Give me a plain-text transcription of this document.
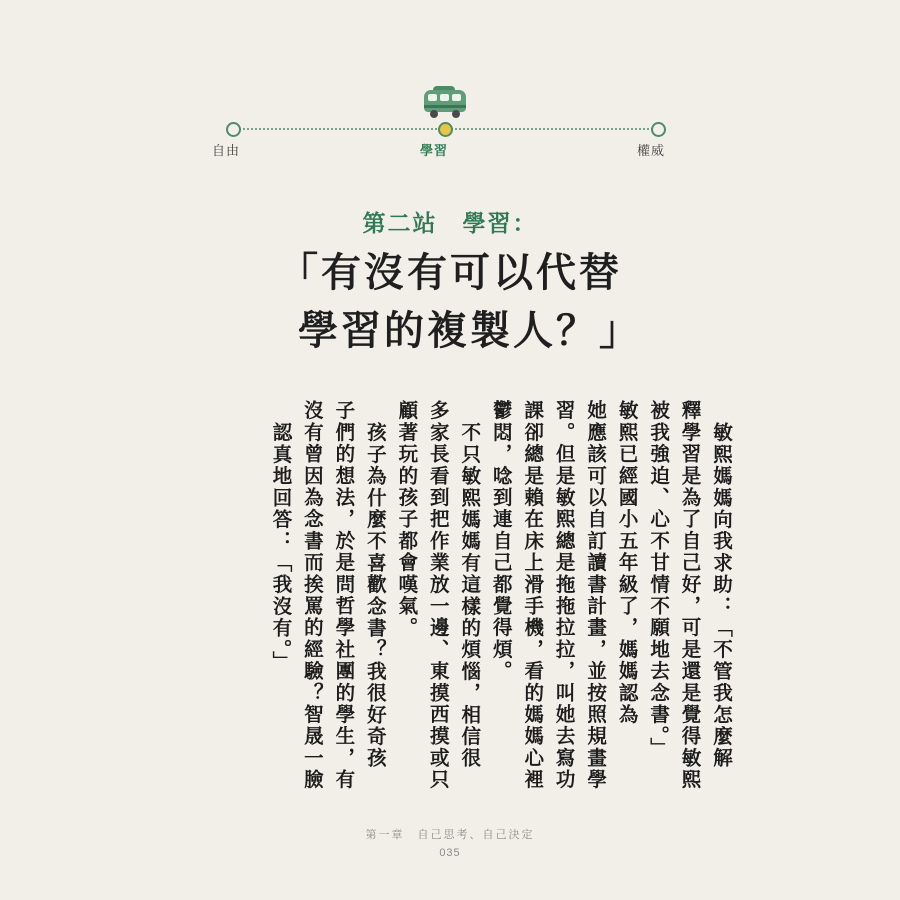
自由	學習	權威
第二站　學習：
「有沒有可以代替
學習的複製人？」
敏熙媽媽向我求助：「不管我怎麼解
釋學習是為了自己好，可是還是覺得敏熙
被我強迫、心不甘情不願地去念書。」
敏熙已經國小五年級了，媽媽認為
她應該可以自訂讀書計畫，並按照規畫學
習。但是敏熙總是拖拖拉拉，叫她去寫功
課卻總是賴在床上滑手機，看的媽媽心裡
鬱悶，唸到連自己都覺得煩。
不只敏熙媽媽有這樣的煩惱，相信很
多家長看到把作業放一邊、東摸西摸或只
顧著玩的孩子都會嘆氣。
孩子為什麼不喜歡念書？我很好奇孩
子們的想法，於是問哲學社團的學生，有
沒有曾因為念書而挨罵的經驗？智晟一臉
認真地回答：「我沒有。」
第一章　自己思考、自己決定
035
